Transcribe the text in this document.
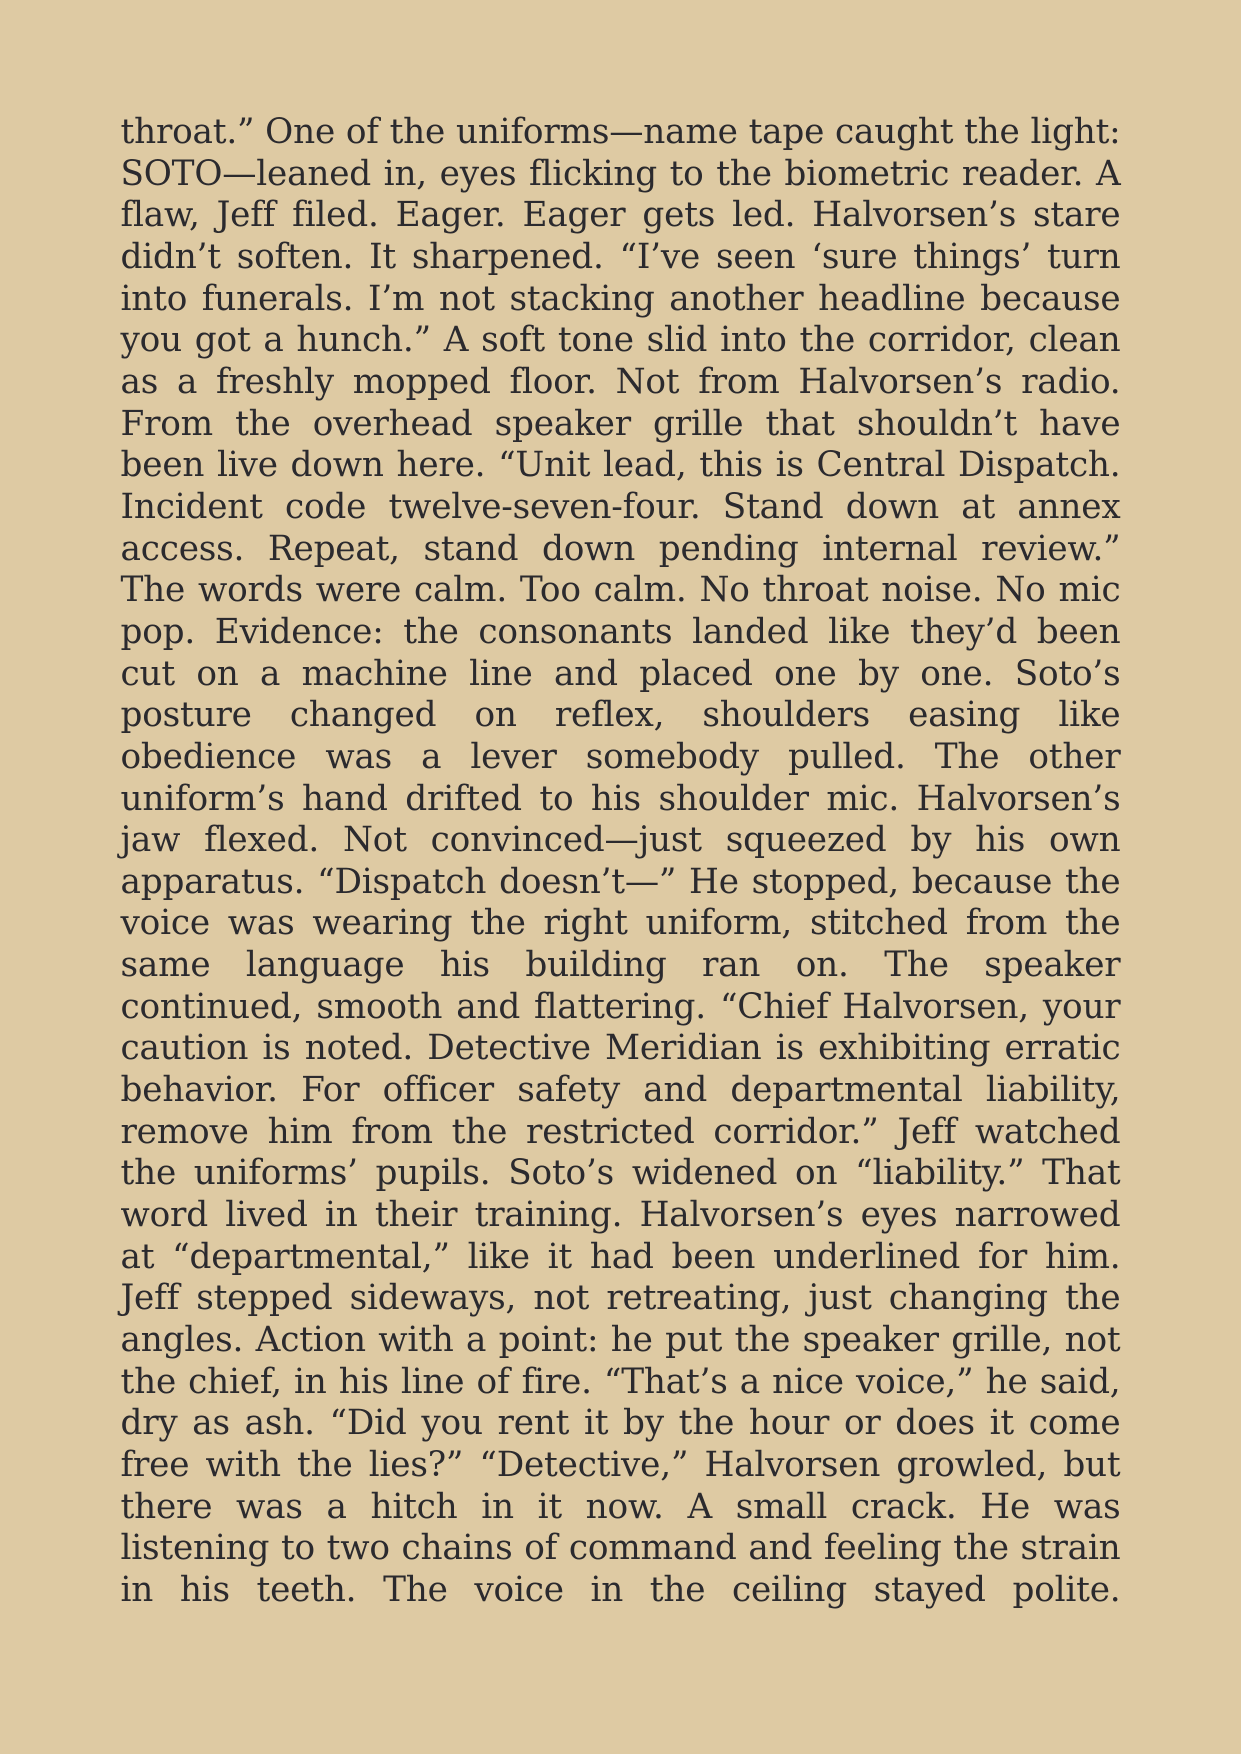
throat.” One of the uniforms—name tape caught the light:
SOTO—leaned in, eyes flicking to the biometric reader. A
flaw, Jeff filed. Eager. Eager gets led. Halvorsen’s stare
didn’t soften. It sharpened. “I’ve seen ‘sure things’ turn
into funerals. I’m not stacking another headline because
you got a hunch.” A soft tone slid into the corridor, clean
as a freshly mopped floor. Not from Halvorsen’s radio.
From the overhead speaker grille that shouldn’t have
been live down here. “Unit lead, this is Central Dispatch.
Incident code twelve-seven-four. Stand down at annex
access. Repeat, stand down pending internal review.”
The words were calm. Too calm. No throat noise. No mic
pop. Evidence: the consonants landed like they’d been
cut on a machine line and placed one by one. Soto’s
posture changed on reflex, shoulders easing like
obedience was a lever somebody pulled. The other
uniform’s hand drifted to his shoulder mic. Halvorsen’s
jaw flexed. Not convinced—just squeezed by his own
apparatus. “Dispatch doesn’t—” He stopped, because the
voice was wearing the right uniform, stitched from the
same language his building ran on. The speaker
continued, smooth and flattering. “Chief Halvorsen, your
caution is noted. Detective Meridian is exhibiting erratic
behavior. For officer safety and departmental liability,
remove him from the restricted corridor.” Jeff watched
the uniforms’ pupils. Soto’s widened on “liability.” That
word lived in their training. Halvorsen’s eyes narrowed
at “departmental,” like it had been underlined for him.
Jeff stepped sideways, not retreating, just changing the
angles. Action with a point: he put the speaker grille, not
the chief, in his line of fire. “That’s a nice voice,” he said,
dry as ash. “Did you rent it by the hour or does it come
free with the lies?” “Detective,” Halvorsen growled, but
there was a hitch in it now. A small crack. He was
listening to two chains of command and feeling the strain
in his teeth. The voice in the ceiling stayed polite.
